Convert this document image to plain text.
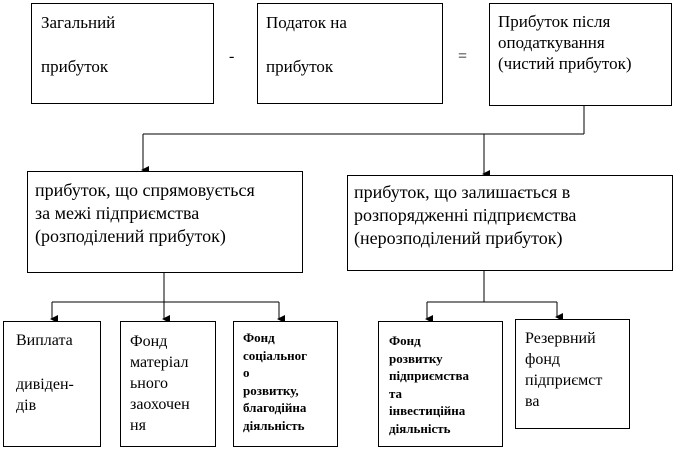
Загальний
прибуток
-
Податок на
прибуток
=
Прибуток після
оподаткування
(чистий прибуток)
прибуток, що спрямовується
за межі підприємства
(розподілений прибуток)
прибуток, що залишається в
розпорядженні підприємства
(нерозподілений прибуток)
Виплата
дивіден-
дів
Фонд
матеріал
ьного
заохочен
ня
Фонд
соціальног
о
розвитку,
благодійна
діяльність
Фонд
розвитку
підприємства
та
інвестиційна
діяльність
Резервний
фонд
підприємст
ва
